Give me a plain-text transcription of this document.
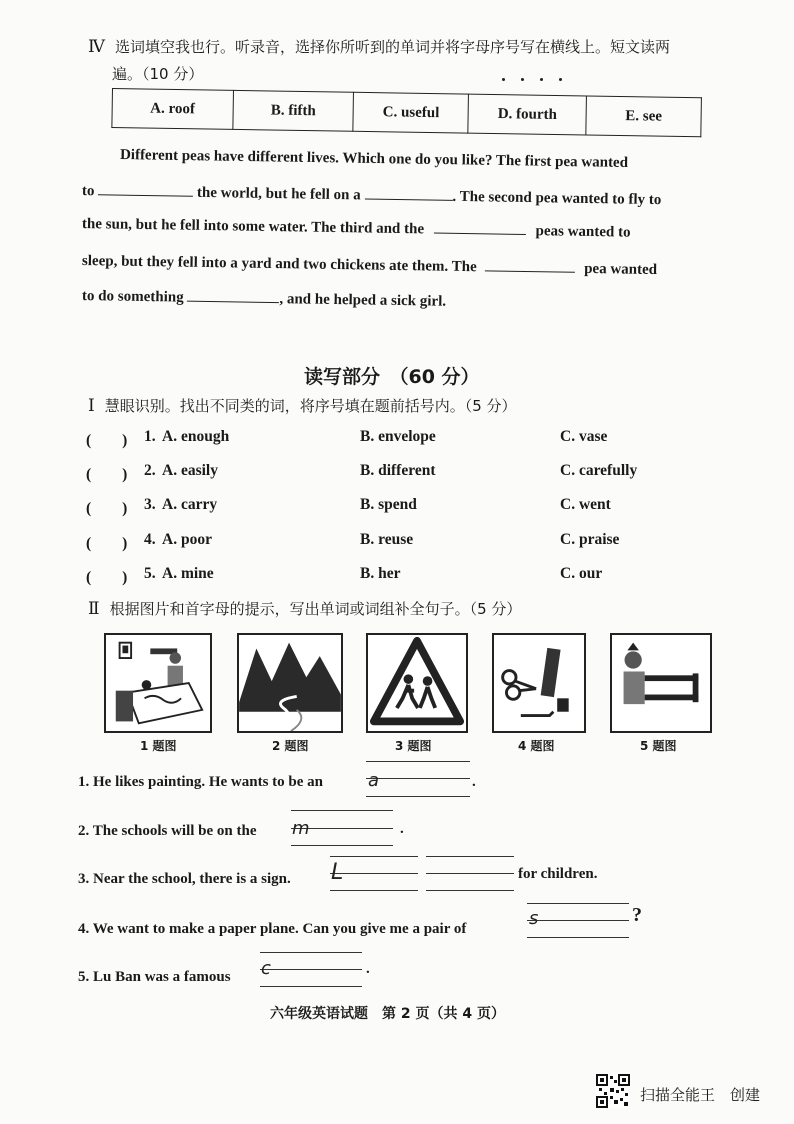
Ⅳ 选词填空我也行。听录音，选择你所听到的单词并将字母序号写在横线上。短文读两
遍。（10 分）
A. roof	B. fifth	C. useful	D. fourth	E. see
Different peas have different lives. Which one do you like? The first pea wanted
to	the world, but he fell on a	. The second pea wanted to fly to
the sun, but he fell into some water. The third and the	peas wanted to
sleep, but they fell into a yard and two chickens ate them. The	pea wanted
to do something	, and he helped a sick girl.
读写部分　（60 分）
Ⅰ 慧眼识别。找出不同类的词，将序号填在题前括号内。（5 分）
(　　) 1. A. enough	B. envelope	C. vase
(　　) 2. A. easily	B. different	C. carefully
(　　) 3. A. carry	B. spend	C. went
(　　) 4. A. poor	B. reuse	C. praise
(　　) 5. A. mine	B. her	C. our
Ⅱ 根据图片和首字母的提示，写出单词或词组补全句子。（5 分）
1 题图	2 题图	3 题图	4 题图	5 题图
1. He likes painting. He wants to be an a	.
2. The schools will be on the m	.
3. Near the school, there is a sign. L	for children.
4. We want to make a paper plane. Can you give me a pair of	s	?
5. Lu Ban was a famous c	.
六年级英语试题　第 2 页（共 4 页）
扫描全能王　创建
